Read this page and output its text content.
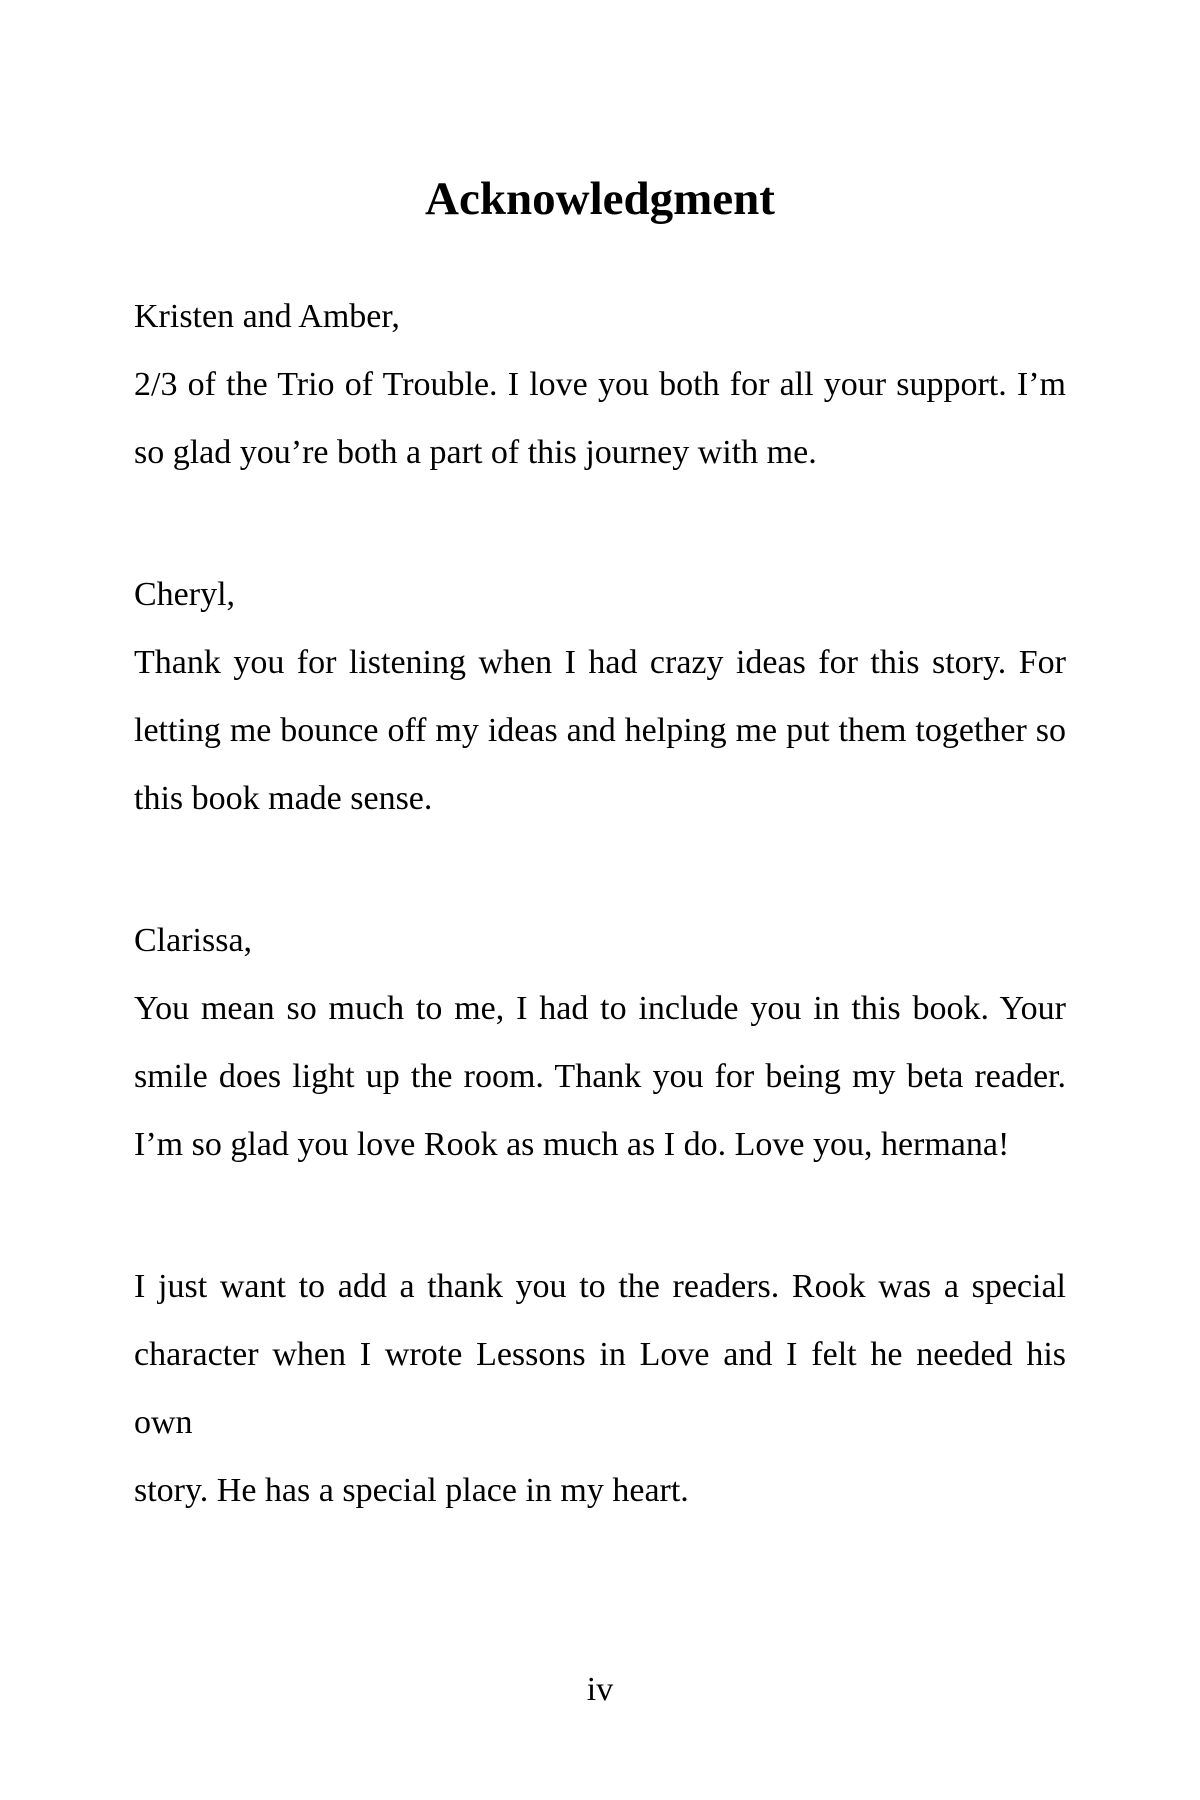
Acknowledgment

Kristen and Amber,

2/3 of the Trio of Trouble. I love you both for all your support. I’m
so glad you’re both a part of this journey with me.

Cheryl,

Thank you for listening when I had crazy ideas for this story. For
letting me bounce off my ideas and helping me put them together so
this book made sense.

Clarissa,

You mean so much to me, I had to include you in this book. Your
smile does light up the room. Thank you for being my beta reader.
I’m so glad you love Rook as much as I do. Love you, hermana!
I just want to add a thank you to the readers. Rook was a special
character when I wrote Lessons in Love and I felt he needed his own
story. He has a special place in my heart.
iv
